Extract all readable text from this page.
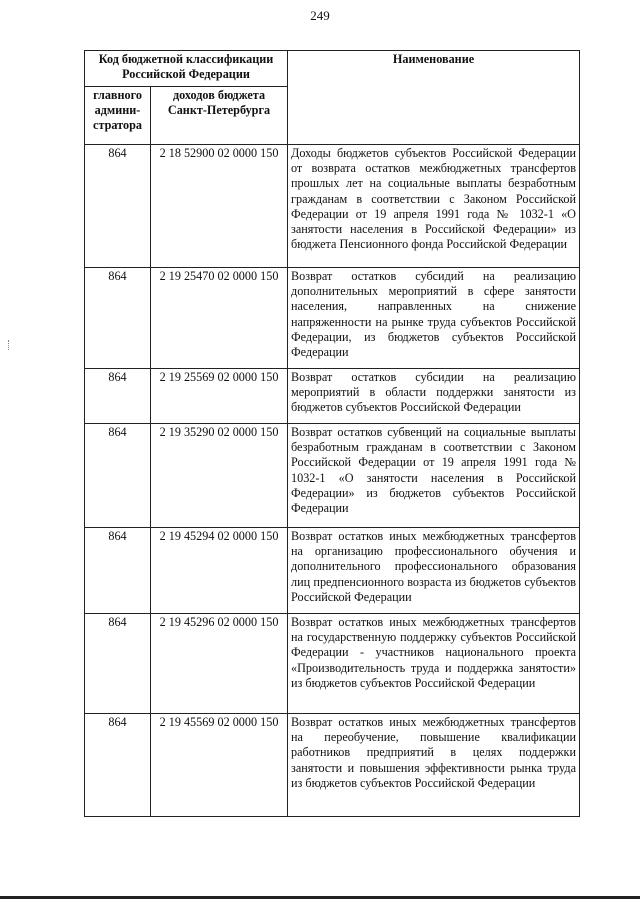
249
Код бюджетной классификации Российской Федерации		Наименование
главного админи-стратора	доходов бюджета Санкт-Петербурга	
864	2 18 52900 02 0000 150	Доходы бюджетов субъектов Российской Федерации от возврата остатков межбюджетных трансфертов прошлых лет на социальные выплаты безработным гражданам в соответствии с Законом Российской Федерации от 19 апреля 1991 года № 1032-1 «О занятости населения в Российской Федерации» из бюджета Пенсионного фонда Российской Федерации
864	2 19 25470 02 0000 150	Возврат остатков субсидий на реализацию дополнительных мероприятий в сфере занятости населения, направленных на снижение напряженности на рынке труда субъектов Российской Федерации, из бюджетов субъектов Российской Федерации
864	2 19 25569 02 0000 150	Возврат остатков субсидии на реализацию мероприятий в области поддержки занятости из бюджетов субъектов Российской Федерации
864	2 19 35290 02 0000 150	Возврат остатков субвенций на социальные выплаты безработным гражданам в соответствии с Законом Российской Федерации от 19 апреля 1991 года № 1032-1 «О занятости населения в Российской Федерации» из бюджетов субъектов Российской Федерации
864	2 19 45294 02 0000 150	Возврат остатков иных межбюджетных трансфертов на организацию профессионального обучения и дополнительного профессионального образования лиц предпенсионного возраста из бюджетов субъектов Российской Федерации
864	2 19 45296 02 0000 150	Возврат остатков иных межбюджетных трансфертов на государственную поддержку субъектов Российской Федерации - участников национального проекта «Производительность труда и поддержка занятости» из бюджетов субъектов Российской Федерации
864	2 19 45569 02 0000 150	Возврат остатков иных межбюджетных трансфертов на переобучение, повышение квалификации работников предприятий в целях поддержки занятости и повышения эффективности рынка труда из бюджетов субъектов Российской Федерации
